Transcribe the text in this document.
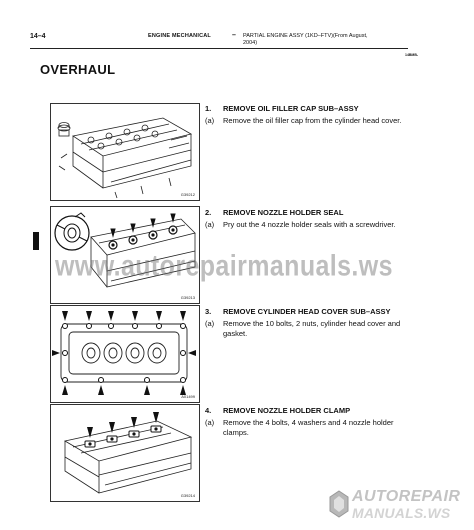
14–4	ENGINE MECHANICAL	– PARTIAL ENGINE ASSY (1KD–FTV)(From August,
2004)
14BMB-
OVERHAUL
G39212
1. REMOVE OIL FILLER CAP SUB–ASSY
(a) Remove the oil filler cap from the cylinder head cover.
G39213
2. REMOVE NOZZLE HOLDER SEAL
(a) Pry out the 4 nozzle holder seals with a screwdriver.
A01499
3. REMOVE CYLINDER HEAD COVER SUB–ASSY
(a) Remove the 10 bolts, 2 nuts, cylinder head cover and
gasket.
G39214
4. REMOVE NOZZLE HOLDER CLAMP
(a) Remove the 4 bolts, 4 washers and 4 nozzle holder
clamps.
www.autorepairmanuals.ws
AUTOREPAIR
MANUALS.WS
